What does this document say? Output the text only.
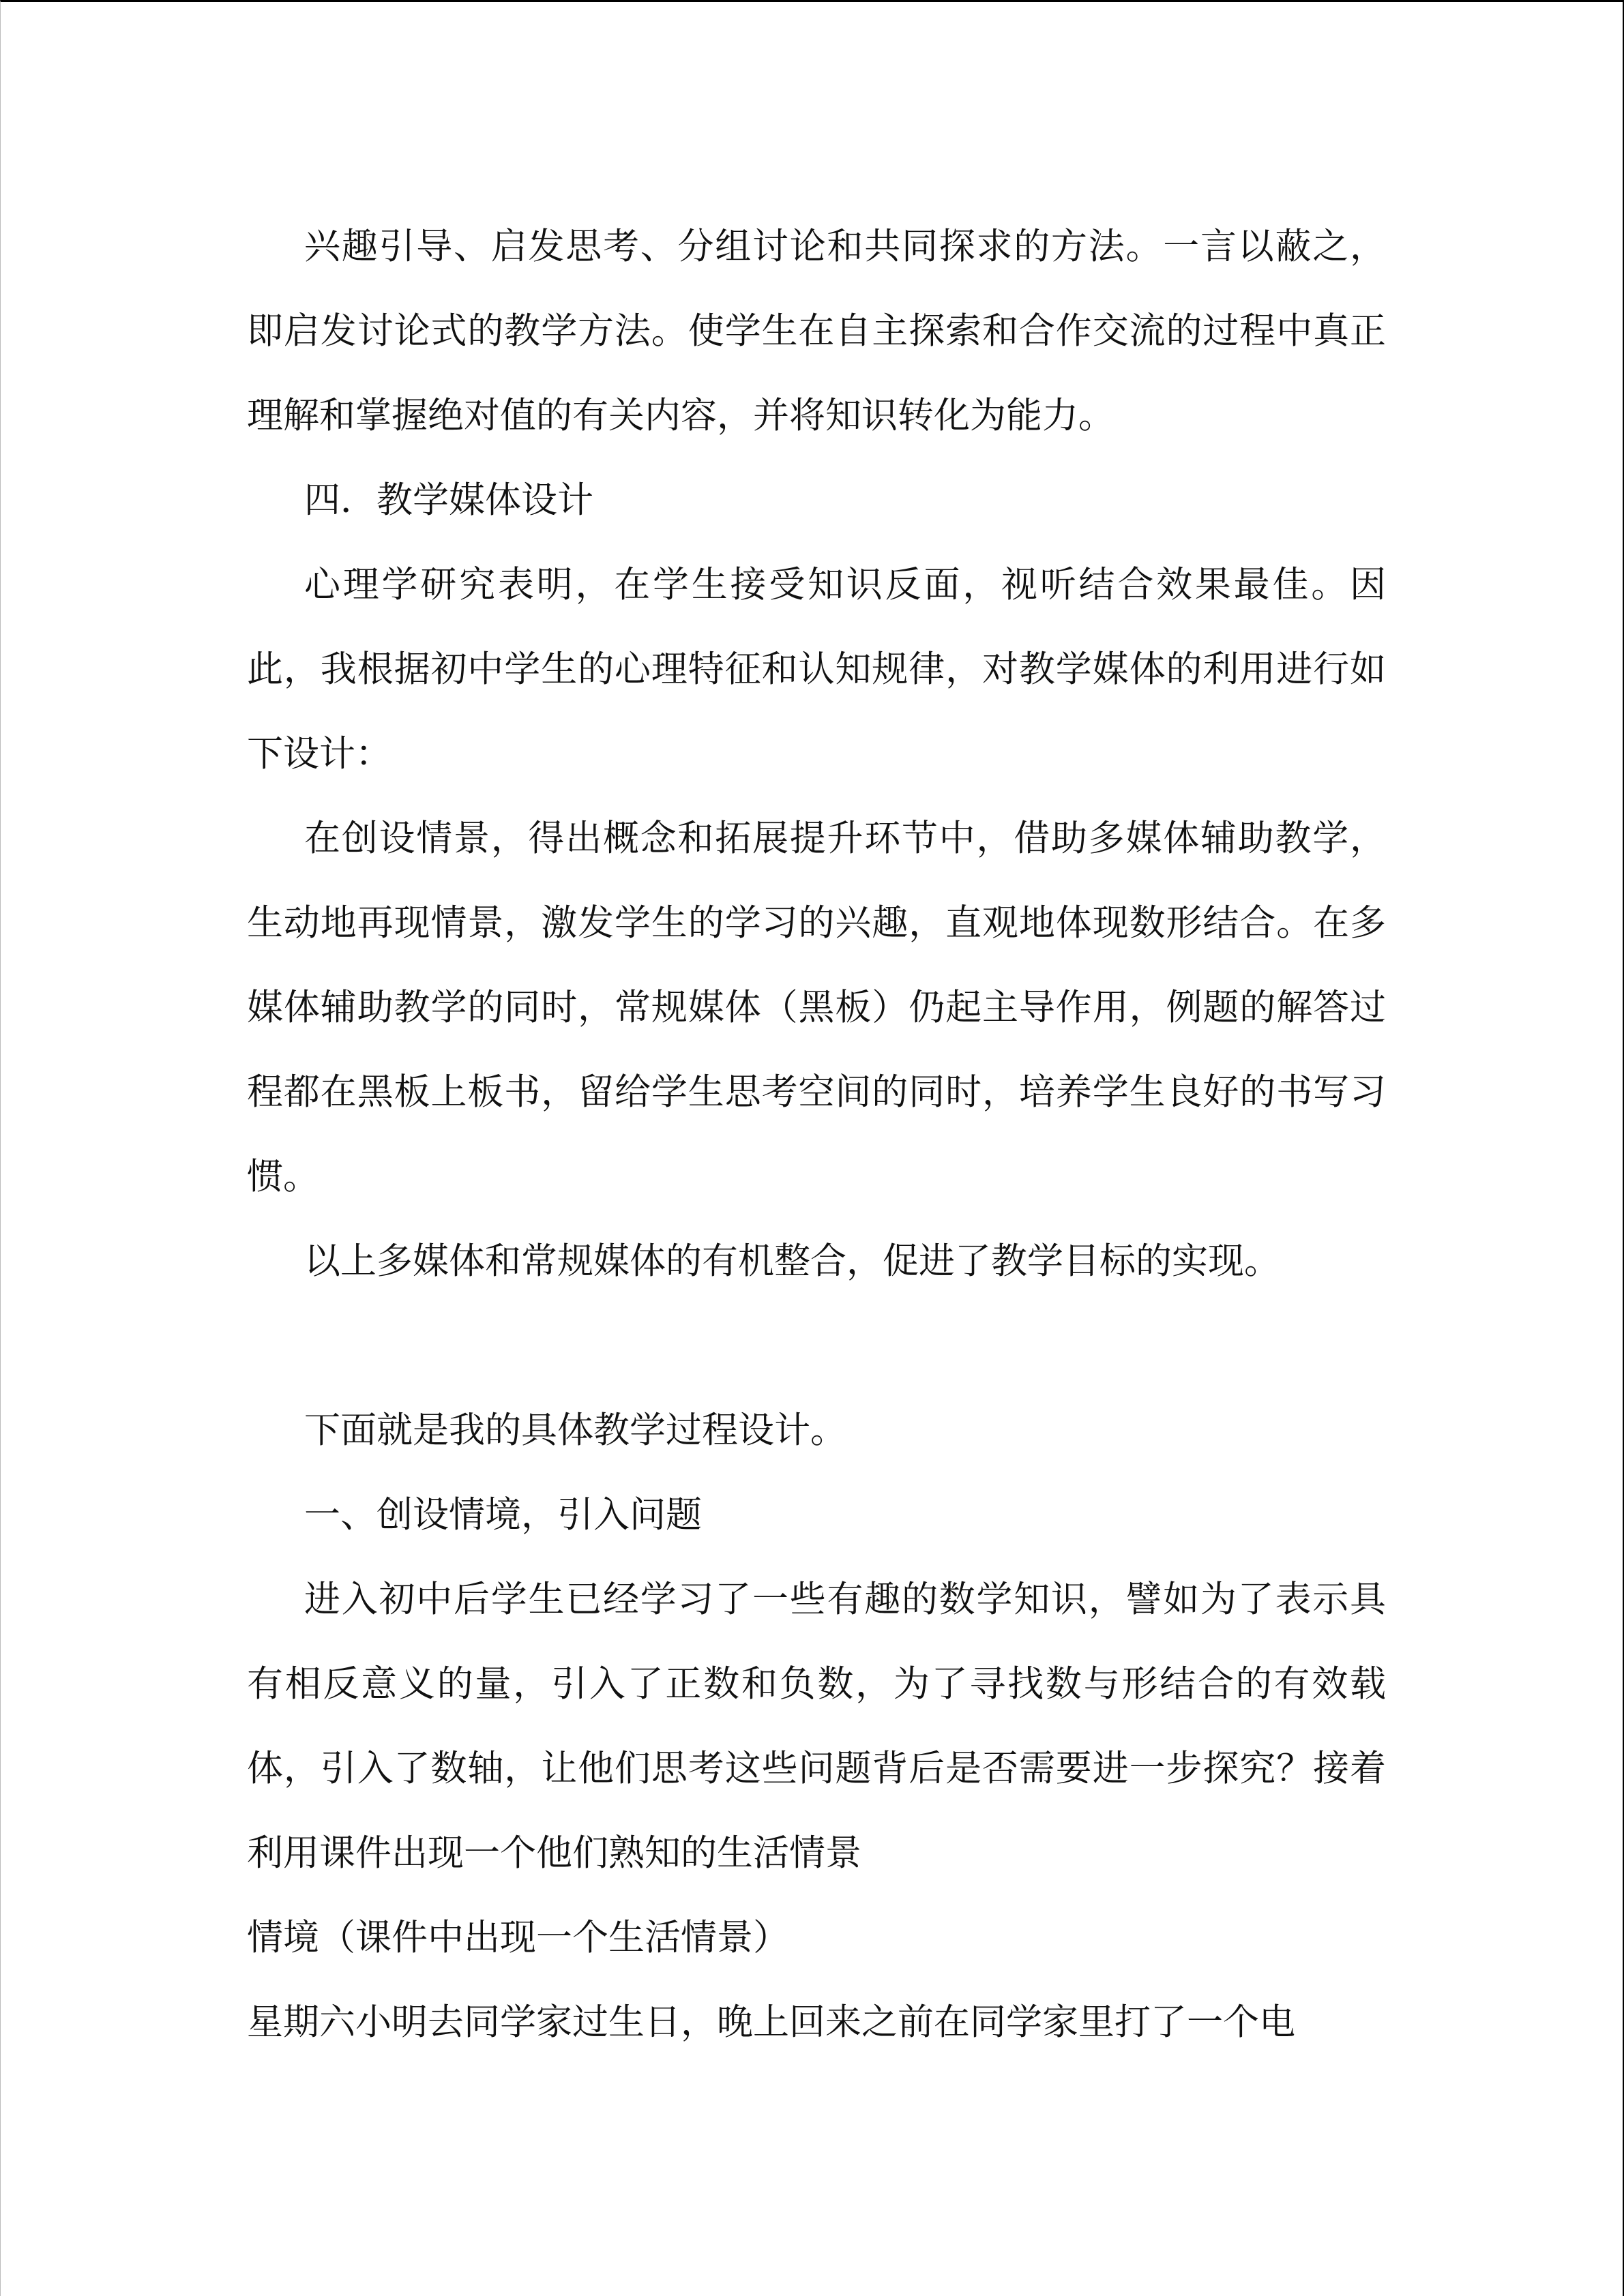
兴趣引导、启发思考、分组讨论和共同探求的方法。一言以蔽之，即启发讨论式的教学方法。使学生在自主探索和合作交流的过程中真正理解和掌握绝对值的有关内容，并将知识转化为能力。

四．教学媒体设计

心理学研究表明，在学生接受知识反面，视听结合效果最佳。因此，我根据初中学生的心理特征和认知规律，对教学媒体的利用进行如下设计：

在创设情景，得出概念和拓展提升环节中，借助多媒体辅助教学，生动地再现情景，激发学生的学习的兴趣，直观地体现数形结合。在多媒体辅助教学的同时，常规媒体（黑板）仍起主导作用，例题的解答过程都在黑板上板书，留给学生思考空间的同时，培养学生良好的书写习惯。

以上多媒体和常规媒体的有机整合，促进了教学目标的实现。

下面就是我的具体教学过程设计。

一、创设情境，引入问题

进入初中后学生已经学习了一些有趣的数学知识，譬如为了表示具有相反意义的量，引入了正数和负数，为了寻找数与形结合的有效载体，引入了数轴，让他们思考这些问题背后是否需要进一步探究？接着利用课件出现一个他们熟知的生活情景

情境（课件中出现一个生活情景）

星期六小明去同学家过生日，晚上回来之前在同学家里打了一个电
